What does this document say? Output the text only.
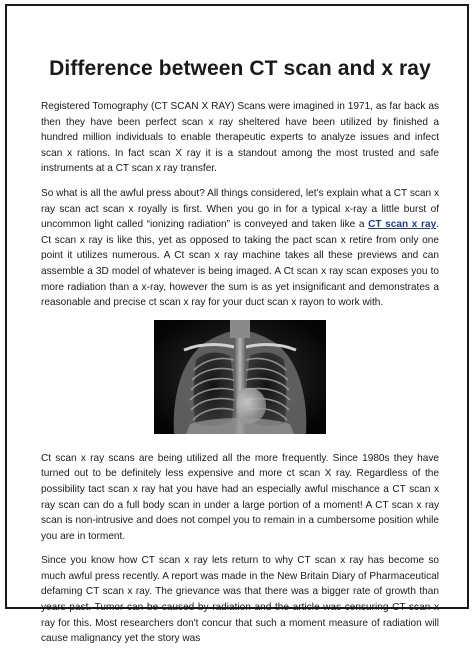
Difference between CT scan and x ray

Registered Tomography (CT SCAN X RAY) Scans were imagined in 1971, as far back as then they have been perfect scan x ray sheltered have been utilized by finished a hundred million individuals to enable therapeutic experts to analyze issues and infect scan x rations. In fact scan X ray it is a standout among the most trusted and safe instruments at a CT scan x ray transfer.

So what is all the awful press about? All things considered, let’s explain what a CT scan x ray scan act scan x royally is first. When you go in for a typical x-ray a little burst of uncommon light called “ionizing radiation” is conveyed and taken like a CT scan x ray. Ct scan x ray is like this, yet as opposed to taking the pact scan x retire from only one point it utilizes numerous. A Ct scan x ray machine takes all these previews and can assemble a 3D model of whatever is being imaged. A Ct scan x ray scan exposes you to more radiation than a x-ray, however the sum is as yet insignificant and demonstrates a reasonable and precise ct scan x ray for your duct scan x rayon to work with.

Ct scan x ray scans are being utilized all the more frequently. Since 1980s they have turned out to be definitely less expensive and more ct scan X ray. Regardless of the possibility tact scan x ray hat you have had an especially awful mischance a CT scan x ray scan can do a full body scan in under a large portion of a moment! A CT scan x ray scan is non-intrusive and does not compel you to remain in a cumbersome position while you are in torment.

Since you know how CT scan x ray lets return to why CT scan x ray has become so much awful press recently. A report was made in the New Britain Diary of Pharmaceutical defaming CT scan x ray. The grievance was that there was a bigger rate of growth than years past. Tumor can be caused by radiation and the article was censuring CT scan x ray for this. Most researchers don't concur that such a moment measure of radiation will cause malignancy yet the story was
